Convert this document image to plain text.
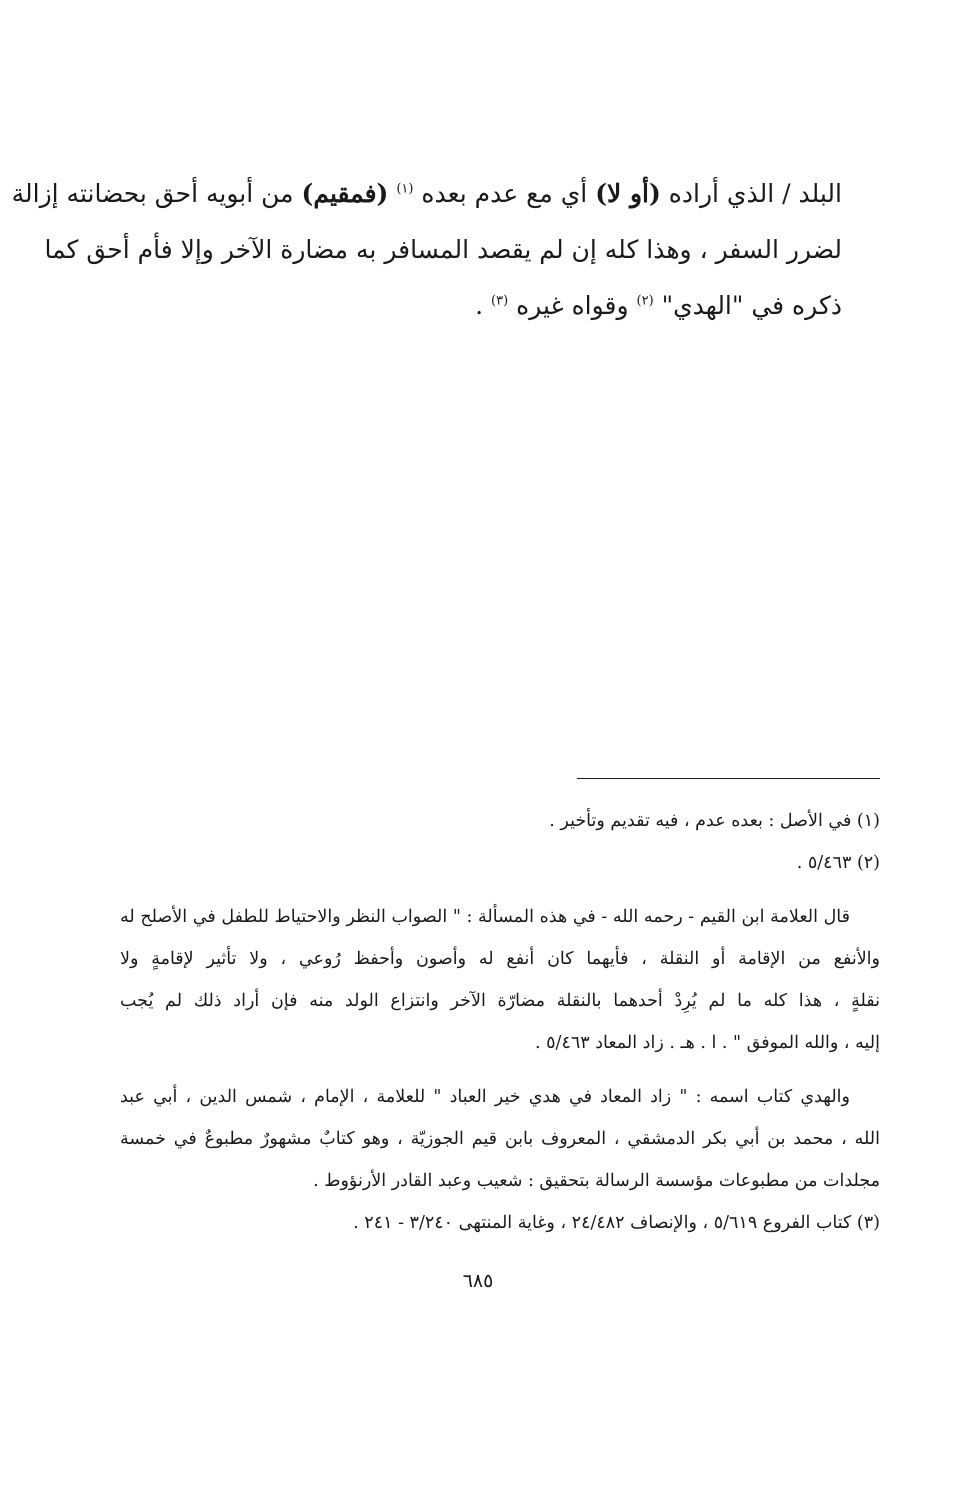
البلد / الذي أراده (أو لا) أي مع عدم بعده $^{(١)}$ (فمقيم) من أبويه أحق بحضانته إزالة
لضرر السفر ، وهذا كله إن لم يقصد المسافر به مضارة الآخر وإلا فأم أحق كما
ذكره في "الهدي" $^{(٢)}$ وقواه غيره $^{(٣)}$ .
(١) في الأصل : بعده عدم ، فيه تقديم وتأخير .
(٢) ٥/٤٦٣ .
قال العلامة ابن القيم - رحمه الله - في هذه المسألة : " الصواب النظر والاحتياط للطفل في الأصلح له
والأنفع من الإقامة أو النقلة ، فأيهما كان أنفع له وأصون وأحفظ رُوعي ، ولا تأثير لإقامةٍ ولا
نقلةٍ ، هذا كله ما لم يُرِدْ أحدهما بالنقلة مضارّة الآخر وانتزاع الولد منه فإن أراد ذلك لم يُجب
إليه ، والله الموفق " . ا . هـ . زاد المعاد ٥/٤٦٣ .
والهدي كتاب اسمه : " زاد المعاد في هدي خير العباد " للعلامة ، الإمام ، شمس الدين ، أبي عبد
الله ، محمد بن أبي بكر الدمشقي ، المعروف بابن قيم الجوزيّة ، وهو كتابٌ مشهورٌ مطبوعٌ في خمسة
مجلدات من مطبوعات مؤسسة الرسالة بتحقيق : شعيب وعبد القادر الأرنؤوط .
(٣) كتاب الفروع ٥/٦١٩ ، والإنصاف ٢٤/٤٨٢ ، وغاية المنتهى ٣/٢٤٠ - ٢٤١ .
٦٨٥
